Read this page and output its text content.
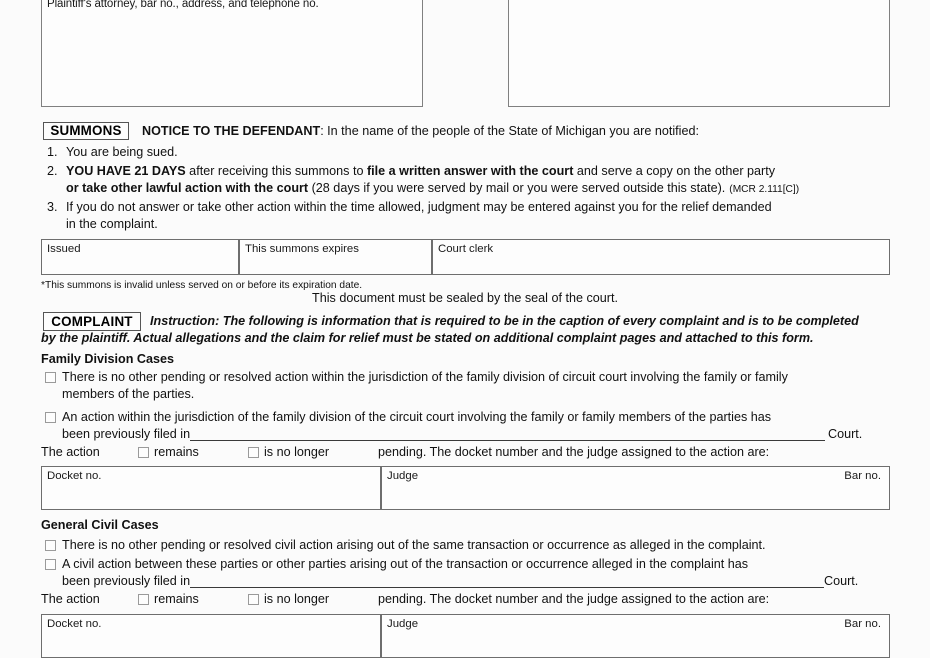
Plaintiff's attorney, bar no., address, and telephone no.
SUMMONS	NOTICE TO THE DEFENDANT: In the name of the people of the State of Michigan you are notified:
1. You are being sued.
2. YOU HAVE 21 DAYS after receiving this summons to file a written answer with the court and serve a copy on the other party
or take other lawful action with the court (28 days if you were served by mail or you were served outside this state). (MCR 2.111[C])
3. If you do not answer or take other action within the time allowed, judgment may be entered against you for the relief demanded
in the complaint.
Issued	This summons expires	Court clerk
*This summons is invalid unless served on or before its expiration date.
This document must be sealed by the seal of the court.
COMPLAINT	Instruction: The following is information that is required to be in the caption of every complaint and is to be completed
by the plaintiff. Actual allegations and the claim for relief must be stated on additional complaint pages and attached to this form.
Family Division Cases
There is no other pending or resolved action within the jurisdiction of the family division of circuit court involving the family or family
members of the parties.
An action within the jurisdiction of the family division of the circuit court involving the family or family members of the parties has
been previously filed in	Court.
The action	remains	is no longer	pending. The docket number and the judge assigned to the action are:
Docket no.	Judge	Bar no.
General Civil Cases
There is no other pending or resolved civil action arising out of the same transaction or occurrence as alleged in the complaint.
A civil action between these parties or other parties arising out of the transaction or occurrence alleged in the complaint has
been previously filed in	Court.
The action	remains	is no longer	pending. The docket number and the judge assigned to the action are:
Docket no.	Judge	Bar no.
